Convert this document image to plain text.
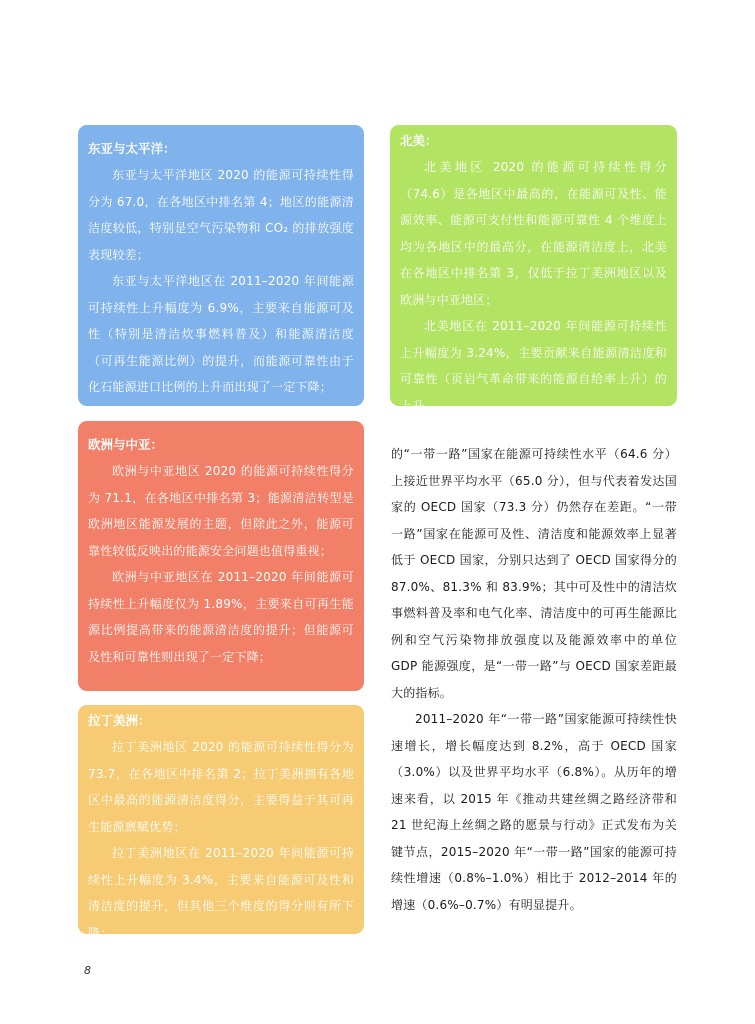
东亚与太平洋：

东亚与太平洋地区 2020 的能源可持续性得分为 67.0，在各地区中排名第 4；地区的能源清洁度较低，特别是空气污染物和 CO₂ 的排放强度表现较差；

东亚与太平洋地区在 2011–2020 年间能源可持续性上升幅度为 6.9%，主要来自能源可及性（特别是清洁炊事燃料普及）和能源清洁度（可再生能源比例）的提升，而能源可靠性由于化石能源进口比例的上升而出现了一定下降；

北美：

北美地区 2020 的能源可持续性得分（74.6）是各地区中最高的，在能源可及性、能源效率、能源可支付性和能源可靠性 4 个维度上均为各地区中的最高分，在能源清洁度上，北美在各地区中排名第 3，仅低于拉丁美洲地区以及欧洲与中亚地区；

北美地区在 2011–2020 年间能源可持续性上升幅度为 3.24%，主要贡献来自能源清洁度和可靠性（页岩气革命带来的能源自给率上升）的上升。

欧洲与中亚：

欧洲与中亚地区 2020 的能源可持续性得分为 71.1，在各地区中排名第 3；能源清洁转型是欧洲地区能源发展的主题，但除此之外，能源可靠性较低反映出的能源安全问题也值得重视；

欧洲与中亚地区在 2011–2020 年间能源可持续性上升幅度仅为 1.89%，主要来自可再生能源比例提高带来的能源清洁度的提升；但能源可及性和可靠性则出现了一定下降；

拉丁美洲：

拉丁美洲地区 2020 的能源可持续性得分为 73.7，在各地区中排名第 2；拉丁美洲拥有各地区中最高的能源清洁度得分，主要得益于其可再生能源禀赋优势；

拉丁美洲地区在 2011–2020 年间能源可持续性上升幅度为 3.4%，主要来自能源可及性和清洁度的提升，但其他三个维度的得分则有所下降；

的“一带一路”国家在能源可持续性水平（64.6 分）上接近世界平均水平（65.0 分），但与代表着发达国家的 OECD 国家（73.3 分）仍然存在差距。“一带一路”国家在能源可及性、清洁度和能源效率上显著低于 OECD 国家，分别只达到了 OECD 国家得分的 87.0%、81.3% 和 83.9%；其中可及性中的清洁炊事燃料普及率和电气化率、清洁度中的可再生能源比例和空气污染物排放强度以及能源效率中的单位 GDP 能源强度，是“一带一路”与 OECD 国家差距最大的指标。

2011–2020 年“一带一路”国家能源可持续性快速增长，增长幅度达到 8.2%，高于 OECD 国家（3.0%）以及世界平均水平（6.8%）。从历年的增速来看，以 2015 年《推动共建丝绸之路经济带和 21 世纪海上丝绸之路的愿景与行动》正式发布为关键节点，2015–2020 年“一带一路”国家的能源可持续性增速（0.8%–1.0%）相比于 2012–2014 年的增速（0.6%–0.7%）有明显提升。

8
